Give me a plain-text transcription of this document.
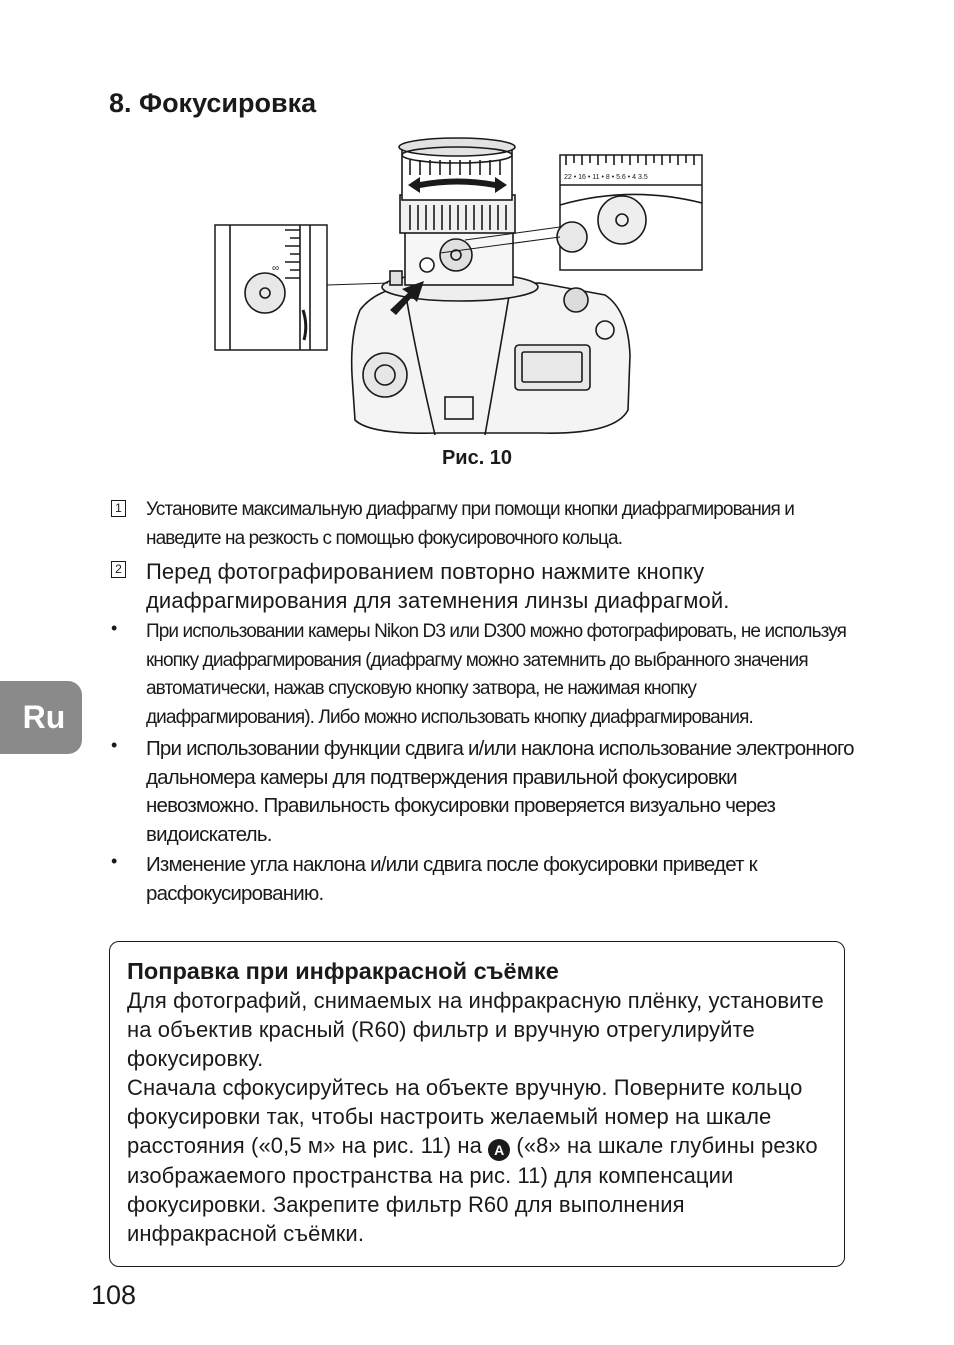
8. Фокусировка
∞
22 • 16 • 11 • 8 • 5.6 • 4 3.5
Рис. 10
1 Установите максимальную диафрагму при помощи кнопки диафрагмирования и наведите на резкость с помощью фокусировочного кольца.
2 Перед фотографированием повторно нажмите кнопку диафрагмирования для затемнения линзы диафрагмой.
• При использовании камеры Nikon D3 или D300 можно фотографировать, не используя кнопку диафрагмирования (диафрагму можно затемнить до выбранного значения автоматически, нажав спусковую кнопку затвора, не нажимая кнопку диафрагмирования). Либо можно использовать кнопку диафрагмирования.
• При использовании функции сдвига и/или наклона использование электронного дальномера камеры для подтверждения правильной фокусировки невозможно. Правильность фокусировки проверяется визуально через видоискатель.
• Изменение угла наклона и/или сдвига после фокусировки приведет к расфокусированию.
Ru
Поправка при инфракрасной съёмке

Для фотографий, снимаемых на инфракрасную плёнку, установите на объектив красный (R60) фильтр и вручную отрегулируйте фокусировку.

Сначала сфокусируйтесь на объекте вручную. Поверните кольцо фокусировки так, чтобы настроить желаемый номер на шкале расстояния («0,5 м» на рис. 11) на A («8» на шкале глубины резко изображаемого пространства на рис. 11) для компенсации фокусировки. Закрепите фильтр R60 для выполнения инфракрасной съёмки.

108
